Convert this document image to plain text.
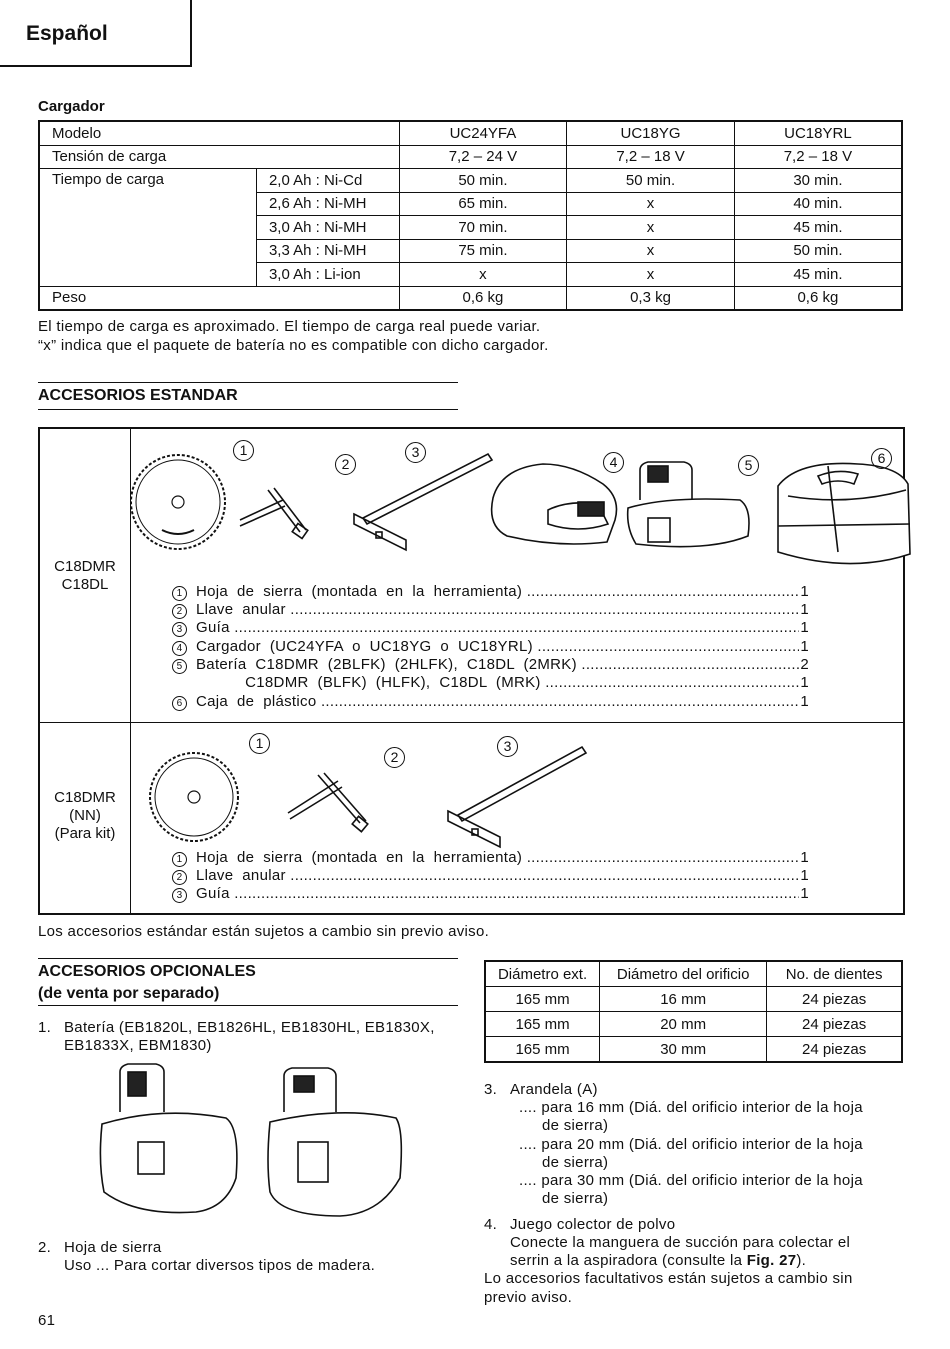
Español
Cargador
Modelo		UC24YFA	UC18YG	UC18YRL
Tensión de carga		7,2 – 24 V	7,2 – 18 V	7,2 – 18 V
Tiempo de carga	2,0 Ah : Ni-Cd	50 min.	50 min.	30 min.
	2,6 Ah : Ni-MH	65 min.	x	40 min.
	3,0 Ah : Ni-MH	70 min.	x	45 min.
	3,3 Ah : Ni-MH	75 min.	x	50 min.
	3,0 Ah : Li-ion	x	x	45 min.
Peso		0,6 kg	0,3 kg	0,6 kg
El tiempo de carga es aproximado. El tiempo de carga real puede variar.
“x” indica que el paquete de batería no es compatible con dicho cargador.
ACCESORIOS ESTANDAR
C18DMR
C18DL
C18DMR
(NN)
(Para kit)
1
2
3
4	5	6
1 Hoja  de  sierra  (montada  en  la  herramienta) .....	1
2 Llave  anular .....	1
3 Guía .....	1
4 Cargador  (UC24YFA  o  UC18YG  o  UC18YRL) .....	1
5 Batería  C18DMR  (2BLFK)  (2HLFK),  C18DL  (2MRK) .....	2
C18DMR  (BLFK)  (HLFK),  C18DL  (MRK) .....	1
6 Caja  de  plástico .....	1
1
2
3
1 Hoja  de  sierra  (montada  en  la  herramienta) .....	1
2 Llave  anular .....	1
3 Guía .....	1
Los accesorios estándar están sujetos a cambio sin previo aviso.
ACCESORIOS OPCIONALES
(de venta por separado)
1. Batería (EB1820L, EB1826HL, EB1830HL, EB1830X,
EB1833X, EBM1830)
2. Hoja de sierra
Uso ... Para cortar diversos tipos de madera.
Diámetro ext.	Diámetro del orificio	No. de dientes
165 mm	16 mm	24 piezas
165 mm	20 mm	24 piezas
165 mm	30 mm	24 piezas
3. Arandela (A)
.... para 16 mm (Diá. del orificio interior de la hoja
de sierra)
.... para 20 mm (Diá. del orificio interior de la hoja
de sierra)
.... para 30 mm (Diá. del orificio interior de la hoja
de sierra)
4. Juego colector de polvo
Conecte la manguera de succión para colectar el
serrin a la aspiradora (consulte la Fig. 27).
Lo accesorios facultativos están sujetos a cambio sin
previo aviso.
61
